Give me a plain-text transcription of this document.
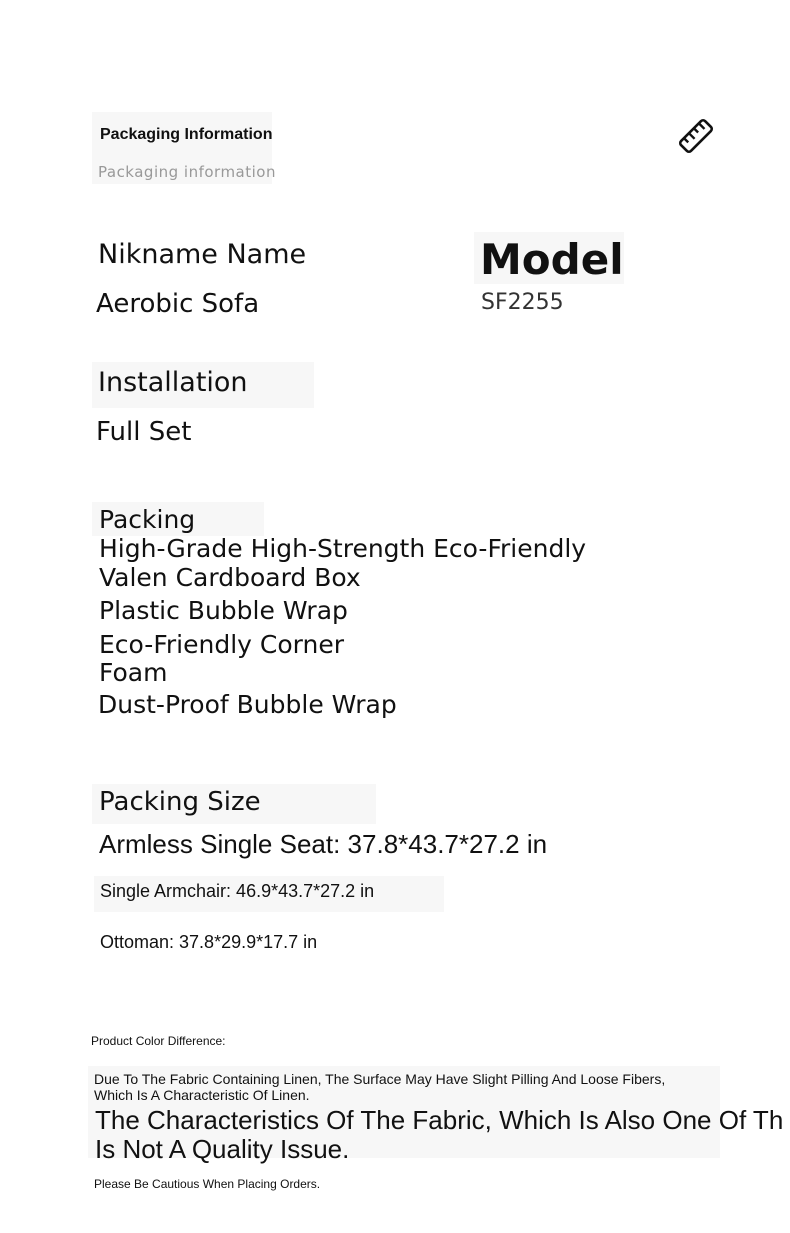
Packaging Information
Packaging information
Nikname Name
Aerobic Sofa
Model
SF2255
Installation
Full Set
Packing
High-Grade High-Strength Eco-Friendly
Valen Cardboard Box
Plastic Bubble Wrap
Eco-Friendly Corner
Foam
Dust-Proof Bubble Wrap
Packing Size
Armless Single Seat: 37.8*43.7*27.2 in
Single Armchair: 46.9*43.7*27.2 in
Ottoman: 37.8*29.9*17.7 in
Product Color Difference:
Due To The Fabric Containing Linen, The Surface May Have Slight Pilling And Loose Fibers,
Which Is A Characteristic Of Linen.
The Characteristics Of The Fabric, Which Is Also One Of Th
Is Not A Quality Issue.
Please Be Cautious When Placing Orders.
